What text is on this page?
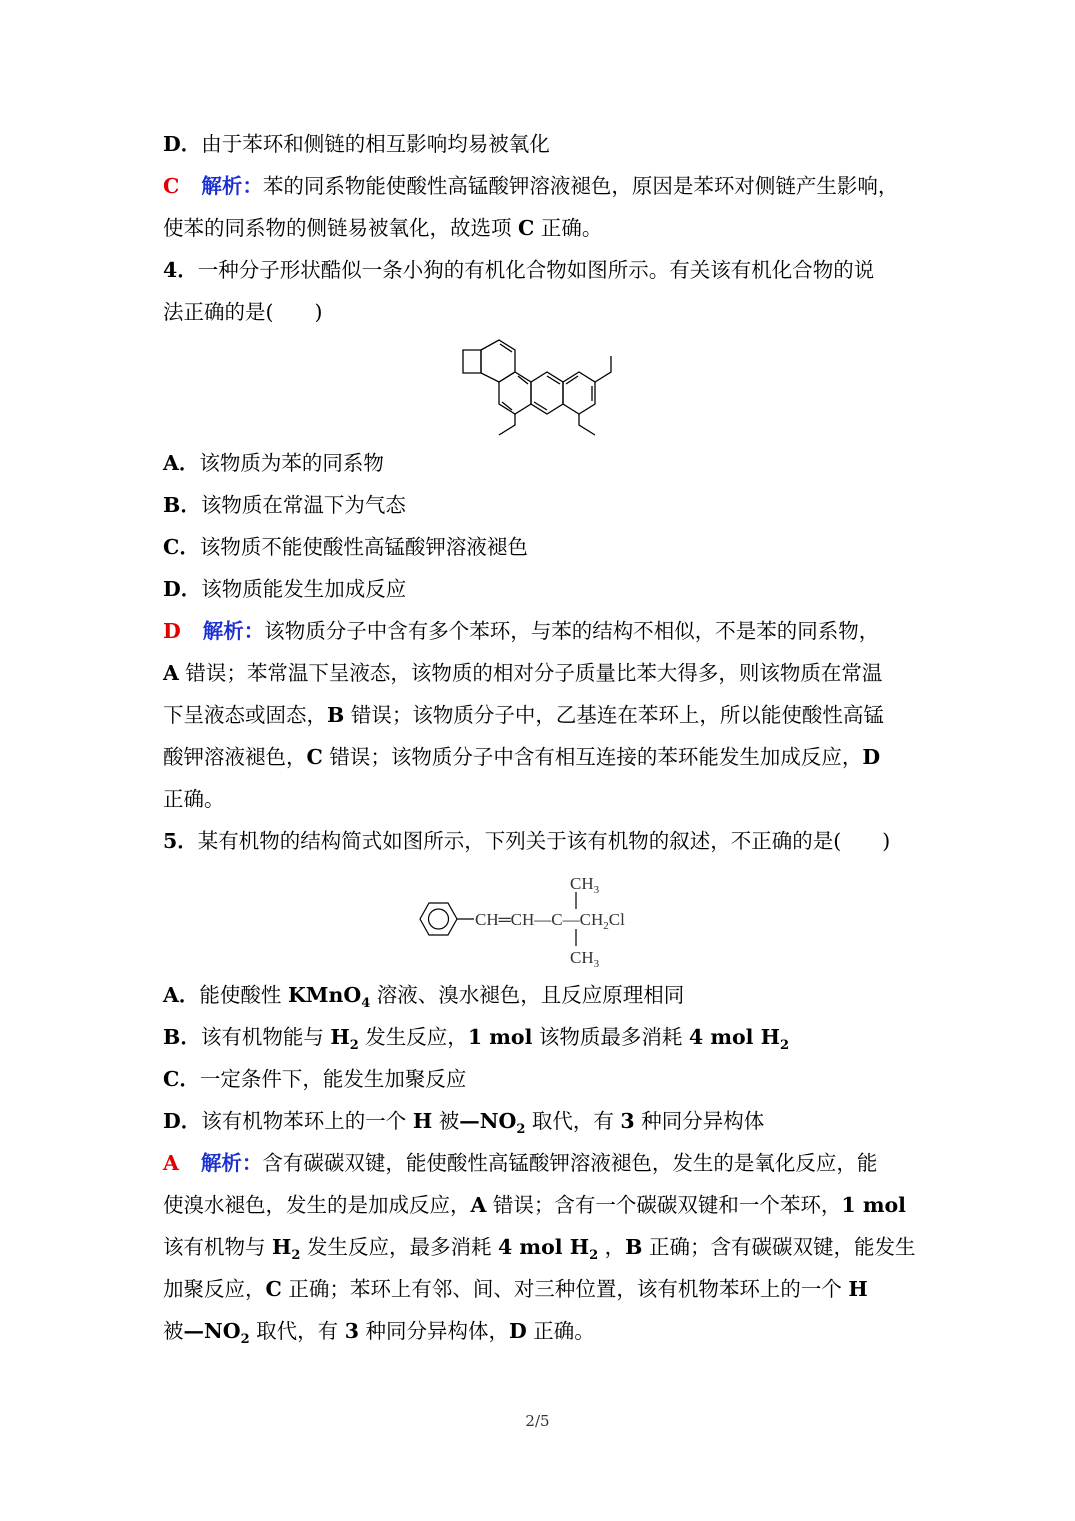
D．由于苯环和侧链的相互影响均易被氧化
C 解析：苯的同系物能使酸性高锰酸钾溶液褪色，原因是苯环对侧链产生影响，
使苯的同系物的侧链易被氧化，故选项 C 正确。
4．一种分子形状酷似一条小狗的有机化合物如图所示。有关该有机化合物的说
法正确的是(　　)
A．该物质为苯的同系物
B．该物质在常温下为气态
C．该物质不能使酸性高锰酸钾溶液褪色
D．该物质能发生加成反应
D 解析：该物质分子中含有多个苯环，与苯的结构不相似，不是苯的同系物，
A 错误；苯常温下呈液态，该物质的相对分子质量比苯大得多，则该物质在常温
下呈液态或固态，B 错误；该物质分子中，乙基连在苯环上，所以能使酸性高锰
酸钾溶液褪色，C 错误；该物质分子中含有相互连接的苯环能发生加成反应，D
正确。
5．某有机物的结构简式如图所示，下列关于该有机物的叙述，不正确的是(　　)
$CH_3$
$CH═CH—C—CH_2Cl$
$CH_3$
A．能使酸性 KMnO$_4$ 溶液、溴水褪色，且反应原理相同
B．该有机物能与 $H_2$ 发生反应，1 mol 该物质最多消耗 4 mol $H_2$
C．一定条件下，能发生加聚反应
D．该有机物苯环上的一个 H 被$—NO_2$ 取代，有 3 种同分异构体
A 解析：含有碳碳双键，能使酸性高锰酸钾溶液褪色，发生的是氧化反应，能
使溴水褪色，发生的是加成反应，A 错误；含有一个碳碳双键和一个苯环，1 mol
该有机物与 $H_2$ 发生反应，最多消耗 4 mol $H_2$ ，B 正确；含有碳碳双键，能发生
加聚反应，C 正确；苯环上有邻、间、对三种位置，该有机物苯环上的一个 H
被$—NO_2$ 取代，有 3 种同分异构体，D 正确。
2/5
